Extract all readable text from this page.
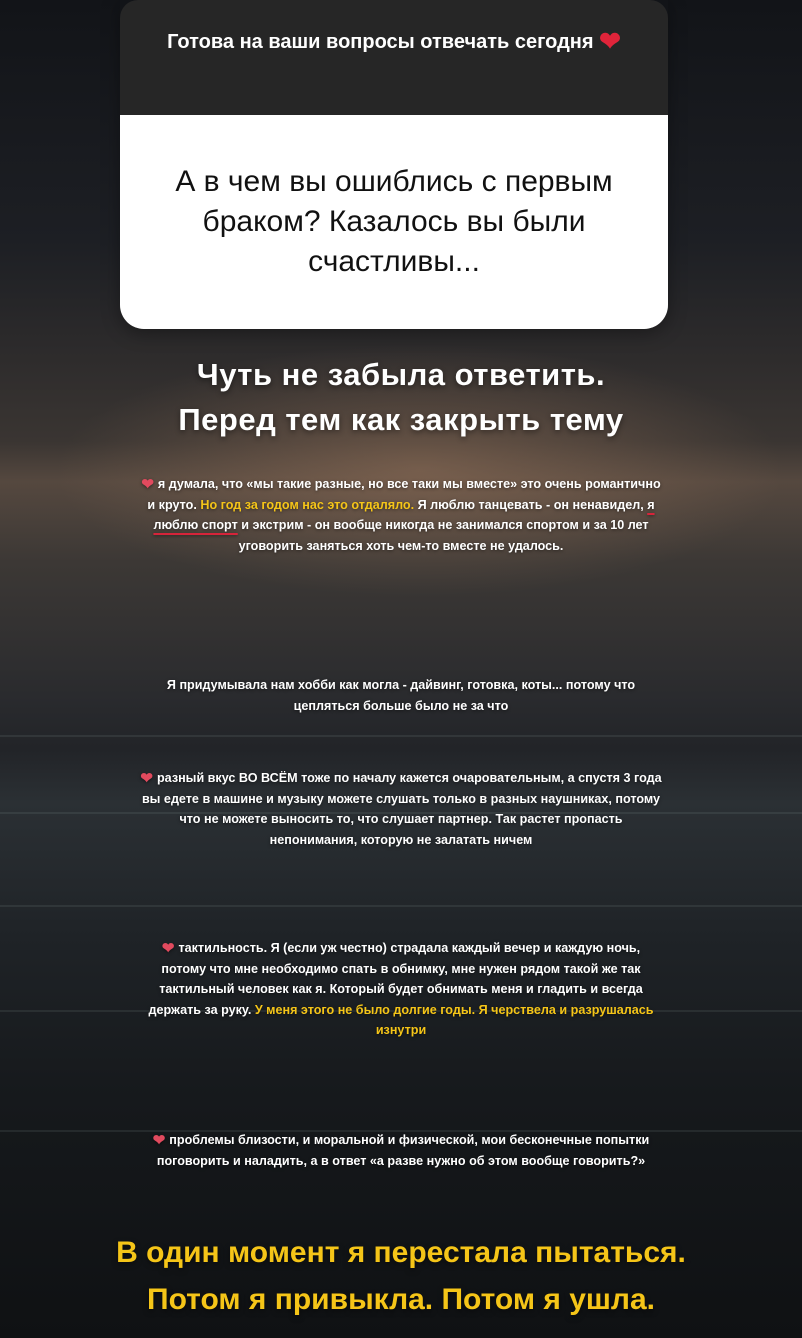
Готова на ваши вопросы отвечать сегодня ❤
А в чем вы ошиблись с первым браком? Казалось вы были счастливы...
Чуть не забыла ответить.
Перед тем как закрыть тему
❤ я думала, что «мы такие разные, но все таки мы вместе» это очень романтично и круто. Но год за годом нас это отдаляло. Я люблю танцевать - он ненавидел, я люблю спорт и экстрим - он вообще никогда не занимался спортом и за 10 лет уговорить заняться хоть чем-то вместе не удалось.
Я придумывала нам хобби как могла - дайвинг, готовка, коты... потому что цепляться больше было не за что
❤ разный вкус ВО ВСЁМ тоже по началу кажется очаровательным, а спустя 3 года вы едете в машине и музыку можете слушать только в разных наушниках, потому что не можете выносить то, что слушает партнер. Так растет пропасть непонимания, которую не залатать ничем
❤ тактильность. Я (если уж честно) страдала каждый вечер и каждую ночь, потому что мне необходимо спать в обнимку, мне нужен рядом такой же так тактильный человек как я. Который будет обнимать меня и гладить и всегда держать за руку. У меня этого не было долгие годы. Я черствела и разрушалась изнутри
❤ проблемы близости, и моральной и физической, мои бесконечные попытки поговорить и наладить, а в ответ «а разве нужно об этом вообще говорить?»
В один момент я перестала пытаться.
Потом я привыкла. Потом я ушла.
